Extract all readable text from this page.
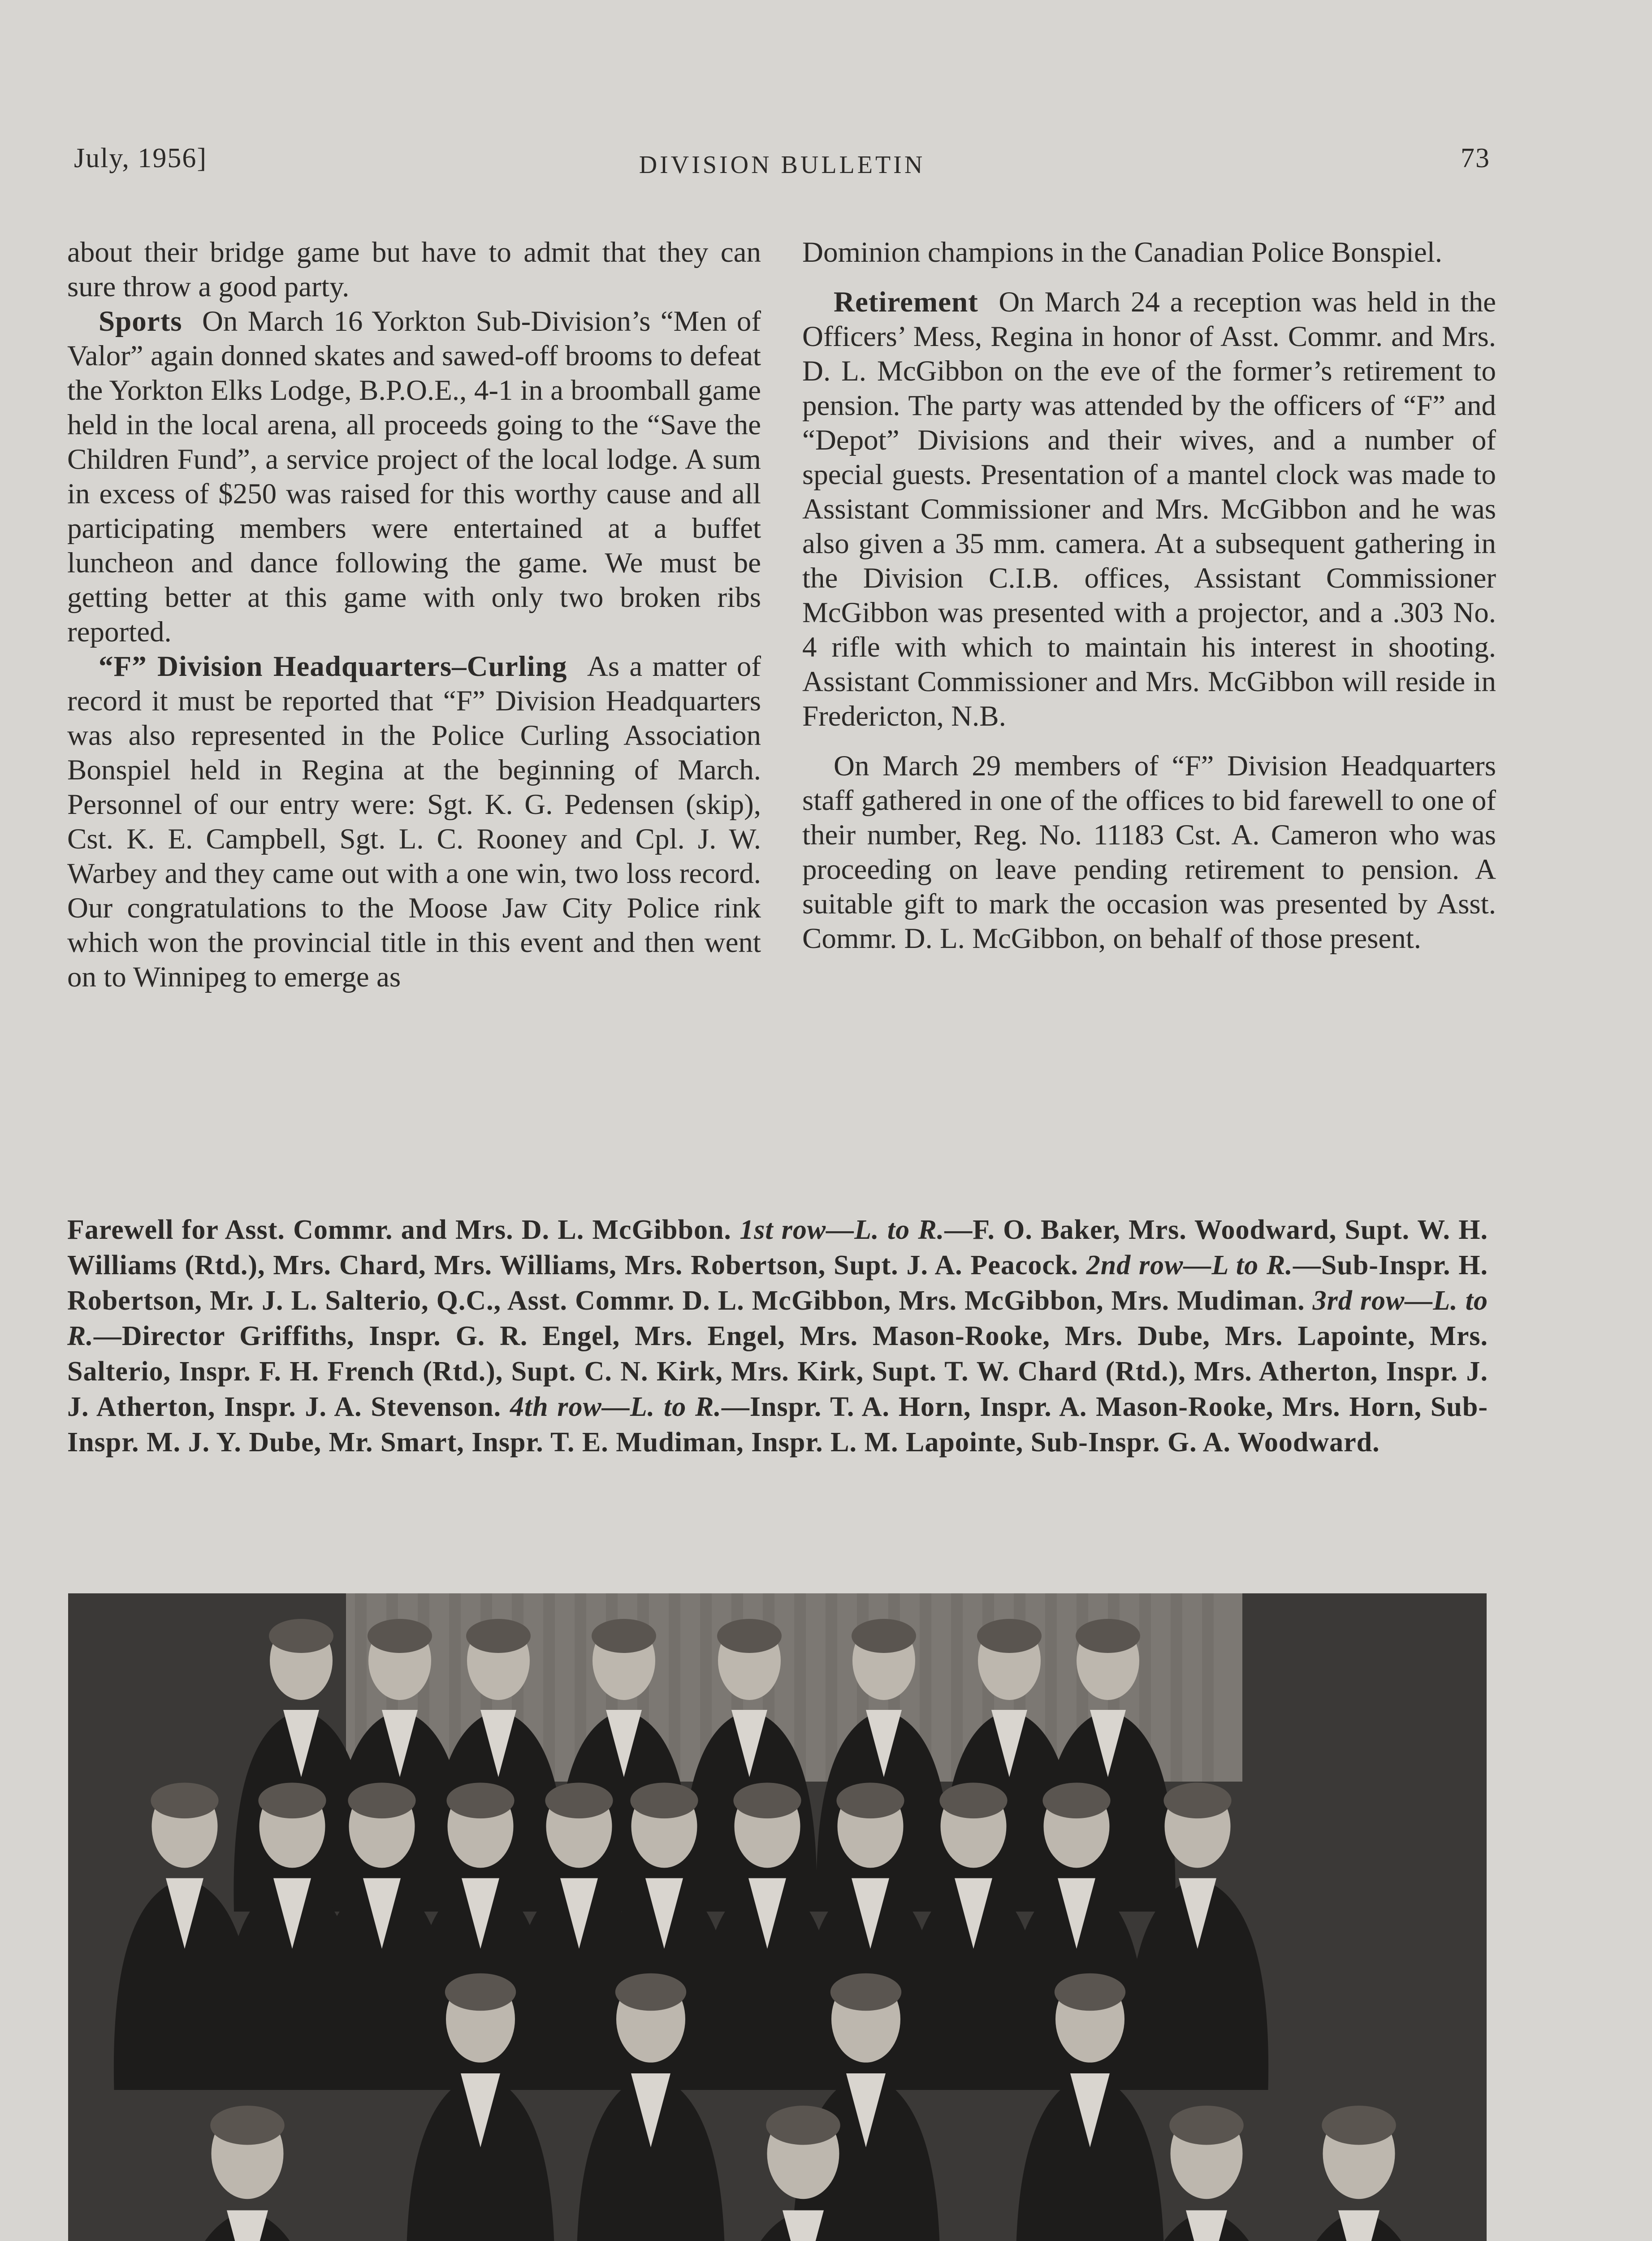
July, 1956]	DIVISION BULLETIN	73

about their bridge game but have to admit that they can sure throw a good party.

Sports On March 16 Yorkton Sub-Division’s “Men of Valor” again donned skates and sawed-off brooms to defeat the Yorkton Elks Lodge, B.P.O.E., 4-1 in a broomball game held in the local arena, all proceeds going to the “Save the Children Fund”, a service project of the local lodge. A sum in excess of $250 was raised for this worthy cause and all participating members were entertained at a buffet luncheon and dance following the game. We must be getting better at this game with only two broken ribs reported.

“F” Division Headquarters–Curling As a matter of record it must be reported that “F” Division Headquarters was also represented in the Police Curling Association Bonspiel held in Regina at the beginning of March. Personnel of our entry were: Sgt. K. G. Pedensen (skip), Cst. K. E. Campbell, Sgt. L. C. Rooney and Cpl. J. W. Warbey and they came out with a one win, two loss record. Our congratulations to the Moose Jaw City Police rink which won the provincial title in this event and then went on to Winnipeg to emerge as

Dominion champions in the Canadian Police Bonspiel.

Retirement On March 24 a reception was held in the Officers’ Mess, Regina in honor of Asst. Commr. and Mrs. D. L. McGibbon on the eve of the former’s retirement to pension. The party was attended by the officers of “F” and “Depot” Divisions and their wives, and a number of special guests. Presentation of a mantel clock was made to Assistant Commissioner and Mrs. McGibbon and he was also given a 35 mm. camera. At a subsequent gathering in the Division C.I.B. offices, Assistant Commissioner McGibbon was presented with a projector, and a .303 No. 4 rifle with which to maintain his interest in shooting. Assistant Commissioner and Mrs. McGibbon will reside in Fredericton, N.B.

On March 29 members of “F” Division Headquarters staff gathered in one of the offices to bid farewell to one of their number, Reg. No. 11183 Cst. A. Cameron who was proceeding on leave pending retirement to pension. A suitable gift to mark the occasion was presented by Asst. Commr. D. L. McGibbon, on behalf of those present.

Farewell for Asst. Commr. and Mrs. D. L. McGibbon. 1st row—L. to R.—F. O. Baker, Mrs. Woodward, Supt. W. H. Williams (Rtd.), Mrs. Chard, Mrs. Williams, Mrs. Robertson, Supt. J. A. Peacock. 2nd row—L to R.—Sub-Inspr. H. Robertson, Mr. J. L. Salterio, Q.C., Asst. Commr. D. L. McGibbon, Mrs. McGibbon, Mrs. Mudiman. 3rd row—L. to R.—Director Griffiths, Inspr. G. R. Engel, Mrs. Engel, Mrs. Mason-Rooke, Mrs. Dube, Mrs. Lapointe, Mrs. Salterio, Inspr. F. H. French (Rtd.), Supt. C. N. Kirk, Mrs. Kirk, Supt. T. W. Chard (Rtd.), Mrs. Atherton, Inspr. J. J. Atherton, Inspr. J. A. Stevenson. 4th row—L. to R.—Inspr. T. A. Horn, Inspr. A. Mason-Rooke, Mrs. Horn, Sub-Inspr. M. J. Y. Dube, Mr. Smart, Inspr. T. E. Mudiman, Inspr. L. M. Lapointe, Sub-Inspr. G. A. Woodward.
